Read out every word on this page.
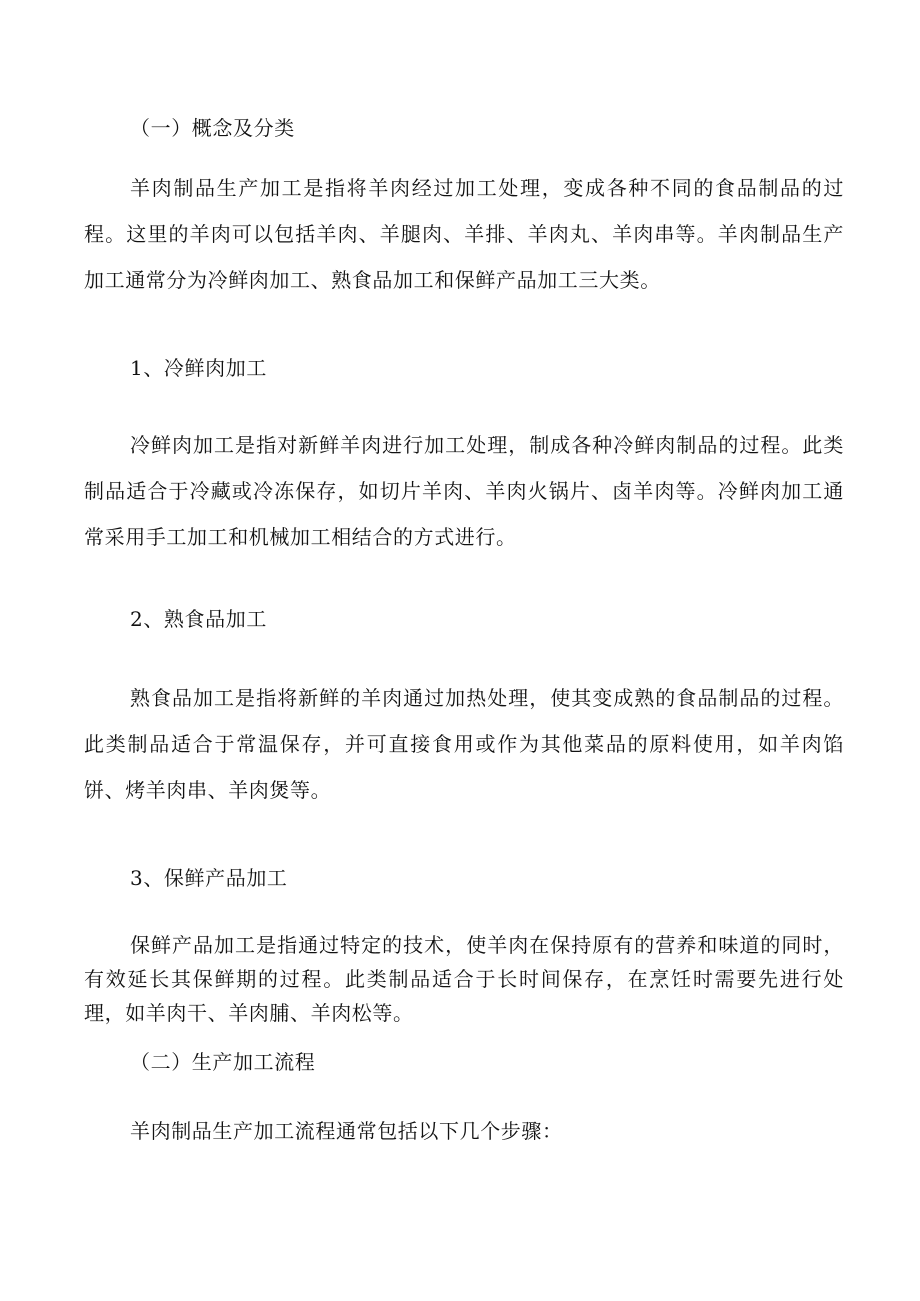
（一）概念及分类

羊肉制品生产加工是指将羊肉经过加工处理，变成各种不同的食品制品的过程。这里的羊肉可以包括羊肉、羊腿肉、羊排、羊肉丸、羊肉串等。羊肉制品生产加工通常分为冷鲜肉加工、熟食品加工和保鲜产品加工三大类。

1、冷鲜肉加工

冷鲜肉加工是指对新鲜羊肉进行加工处理，制成各种冷鲜肉制品的过程。此类制品适合于冷藏或冷冻保存，如切片羊肉、羊肉火锅片、卤羊肉等。冷鲜肉加工通常采用手工加工和机械加工相结合的方式进行。

2、熟食品加工

熟食品加工是指将新鲜的羊肉通过加热处理，使其变成熟的食品制品的过程。此类制品适合于常温保存，并可直接食用或作为其他菜品的原料使用，如羊肉馅饼、烤羊肉串、羊肉煲等。

3、保鲜产品加工

保鲜产品加工是指通过特定的技术，使羊肉在保持原有的营养和味道的同时，有效延长其保鲜期的过程。此类制品适合于长时间保存，在烹饪时需要先进行处理，如羊肉干、羊肉脯、羊肉松等。

（二）生产加工流程

羊肉制品生产加工流程通常包括以下几个步骤：
